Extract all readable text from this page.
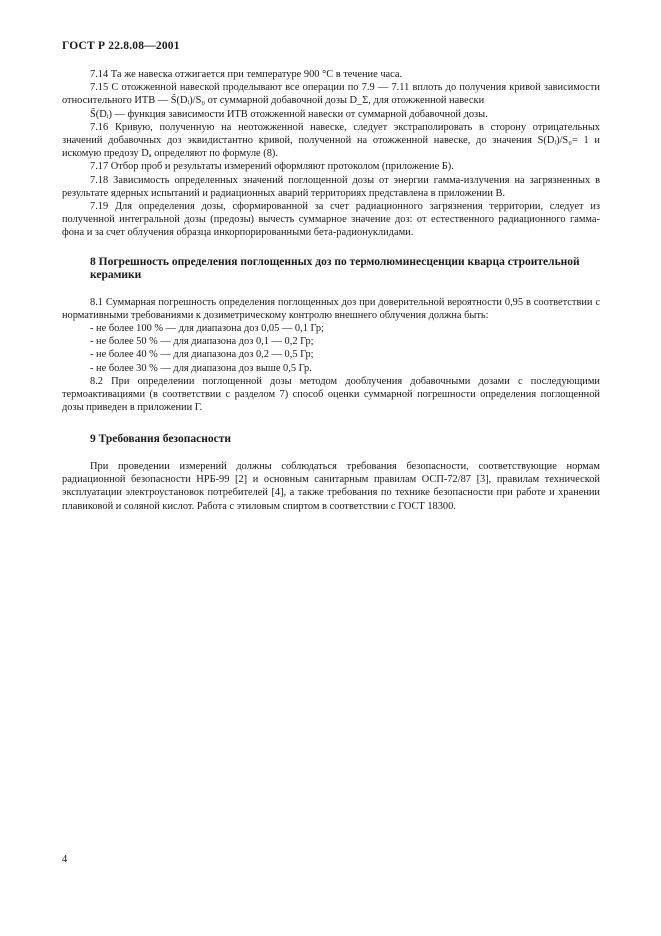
ГОСТ Р 22.8.08—2001

7.14 Та же навеска отжигается при температуре 900 °С в течение часа.

7.15 С отожженной навеской проделывают все операции по 7.9 — 7.11 вплоть до получения кривой зависимости относительного ИТВ — S̃(Dᵢ)/S₀ от суммарной добавочной дозы D_Σ, для отожженной навески

S̃(Dᵢ) — функция зависимости ИТВ отожженной навески от суммарной добавочной дозы.

7.16 Кривую, полученную на неотожженной навеске, следует экстраполировать в сторону отрицательных значений добавочных доз эквидистантно кривой, полученной на отожженной навеске, до значения S(Dᵢ)/S₀= 1 и искомую предозу Dₐ определяют по формуле (8).

7.17 Отбор проб и результаты измерений оформляют протоколом (приложение Б).

7.18 Зависимость определенных значений поглощенной дозы от энергии гамма-излучения на загрязненных в результате ядерных испытаний и радиационных аварий территориях представлена в приложении В.

7.19 Для определения дозы, сформированной за счет радиационного загрязнения территории, следует из полученной интегральной дозы (предозы) вычесть суммарное значение доз: от естественного радиационного гамма-фона и за счет облучения образца инкорпорированными бета-радионуклидами.

8 Погрешность определения поглощенных доз по термолюминесценции кварца строительной керамики

8.1 Суммарная погрешность определения поглощенных доз при доверительной вероятности 0,95 в соответствии с нормативными требованиями к дозиметрическому контролю внешнего облучения должна быть:

- не более 100 % — для диапазона доз 0,05 — 0,1 Гр;

- не более 50 % — для диапазона доз 0,1 — 0,2 Гр;

- не более 40 % — для диапазона доз 0,2 — 0,5 Гр;

- не более 30 % — для диапазона доз выше 0,5 Гр.

8.2 При определении поглощенной дозы методом дооблучения добавочными дозами с последующими термоактивациями (в соответствии с разделом 7) способ оценки суммарной погрешности определения поглощенной дозы приведен в приложении Г.

9 Требования безопасности

При проведении измерений должны соблюдаться требования безопасности, соответствующие нормам радиационной безопасности НРБ-99 [2] и основным санитарным правилам ОСП-72/87 [3], правилам технической эксплуатации электроустановок потребителей [4], а также требования по технике безопасности при работе и хранении плавиковой и соляной кислот. Работа с этиловым спиртом в соответствии с ГОСТ 18300.

4
